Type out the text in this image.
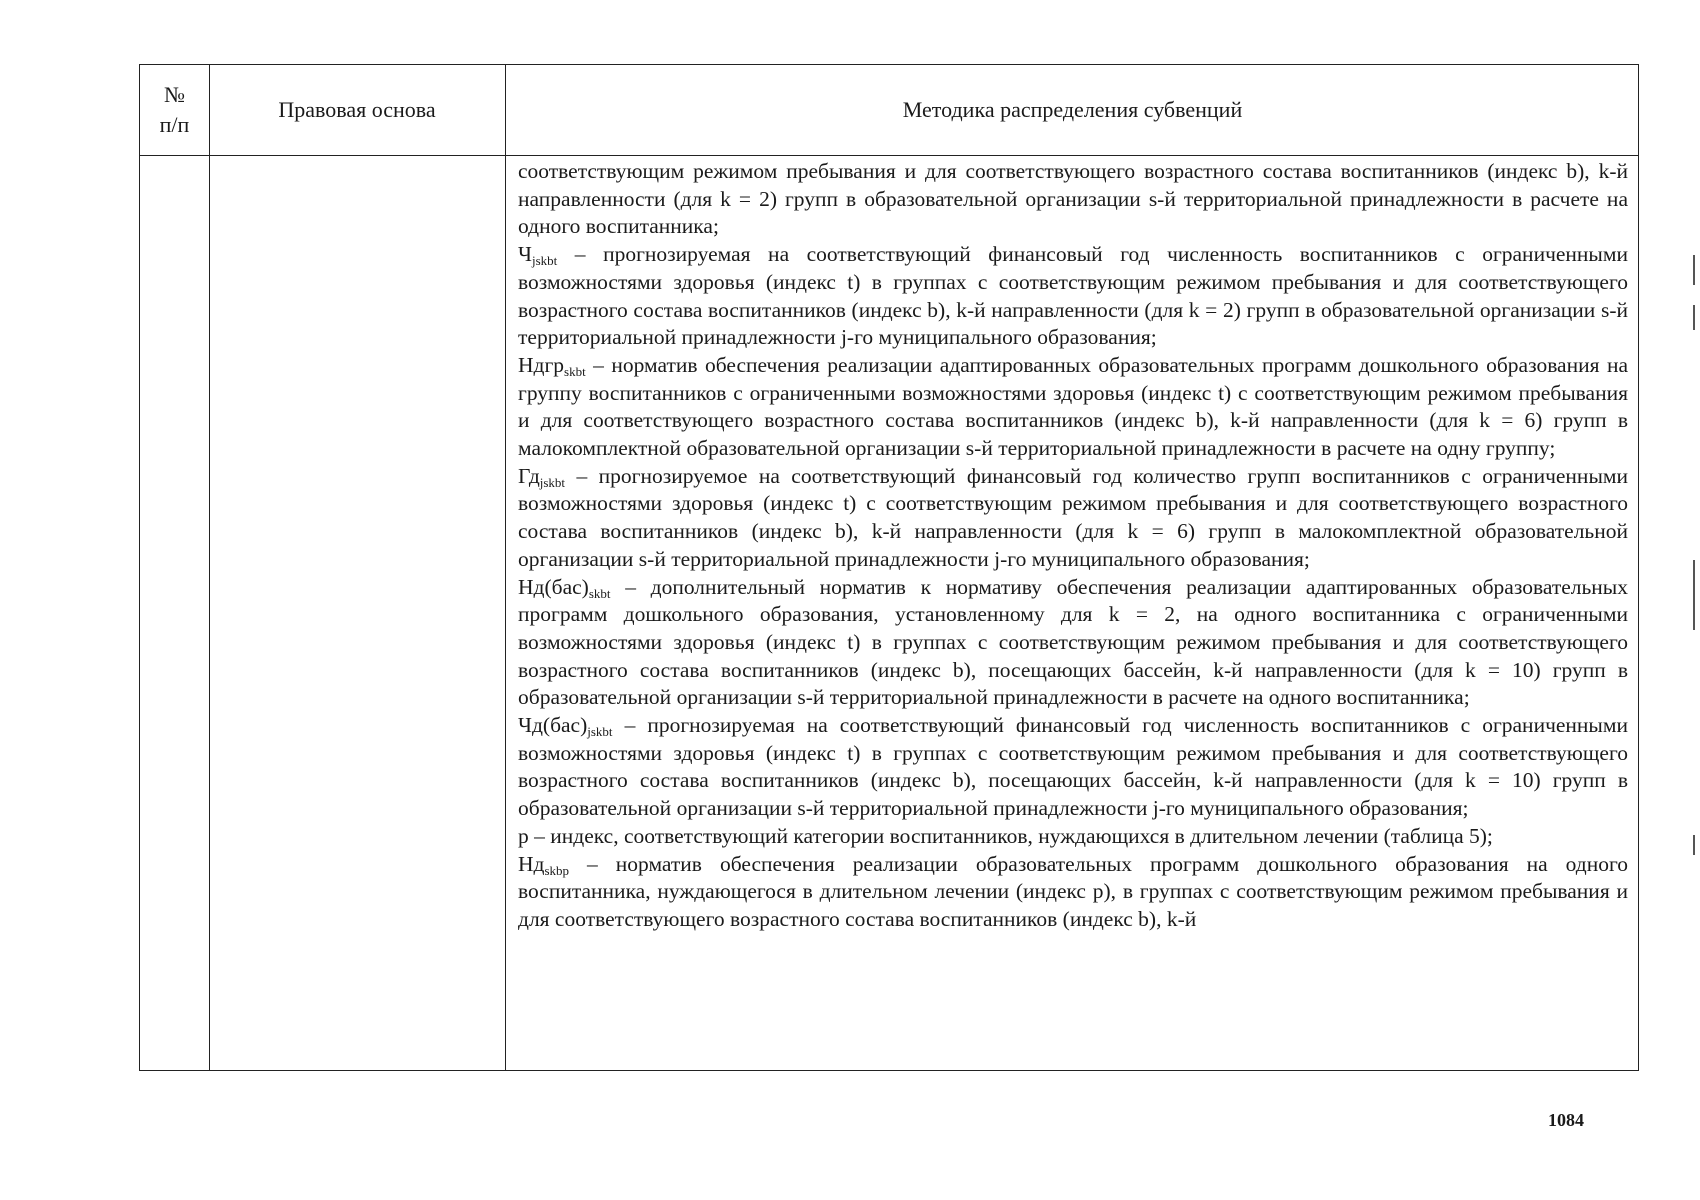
№
п/п
Правовая основа	Методика распределения субвенций

соответствующим режимом пребывания и для соответствующего возрастного состава воспитанников (индекс b), k-й направленности (для k = 2) групп в образовательной организации s-й территориальной принадлежности в расчете на одного воспитанника;

$Ч_{jskbt}$ – прогнозируемая на соответствующий финансовый год численность воспитанников с ограниченными возможностями здоровья (индекс t) в группах с соответствующим режимом пребывания и для соответствующего возрастного состава воспитанников (индекс b), k-й направленности (для k = 2) групп в образовательной организации s-й территориальной принадлежности j-го муниципального образования;

Ндгр$_{skbt}$ – норматив обеспечения реализации адаптированных образовательных программ дошкольного образования на группу воспитанников с ограниченными возможностями здоровья (индекс t) с соответствующим режимом пребывания и для соответствующего возрастного состава воспитанников (индекс b), k-й направленности (для k = 6) групп в малокомплектной образовательной организации s-й территориальной принадлежности в расчете на одну группу;

$Гд_{jskbt}$ – прогнозируемое на соответствующий финансовый год количество групп воспитанников с ограниченными возможностями здоровья (индекс t) с соответствующим режимом пребывания и для соответствующего возрастного состава воспитанников (индекс b), k-й направленности (для k = 6) групп в малокомплектной образовательной организации s-й территориальной принадлежности j-го муниципального образования;

$Нд(бас)_{skbt}$ – дополнительный норматив к нормативу обеспечения реализации адаптированных образовательных программ дошкольного образования, установленному для k = 2, на одного воспитанника с ограниченными возможностями здоровья (индекс t) в группах с соответствующим режимом пребывания и для соответствующего возрастного состава воспитанников (индекс b), посещающих бассейн, k-й направленности (для k = 10) групп в образовательной организации s-й территориальной принадлежности в расчете на одного воспитанника;

$Чд(бас)_{jskbt}$ – прогнозируемая на соответствующий финансовый год численность воспитанников с ограниченными возможностями здоровья (индекс t) в группах с соответствующим режимом пребывания и для соответствующего возрастного состава воспитанников (индекс b), посещающих бассейн, k-й направленности (для k = 10) групп в образовательной организации s-й территориальной принадлежности j-го муниципального образования;

p – индекс, соответствующий категории воспитанников, нуждающихся в длительном лечении (таблица 5);

$Нд_{skbp}$ – норматив обеспечения реализации образовательных программ дошкольного образования на одного воспитанника, нуждающегося в длительном лечении (индекс p), в группах с соответствующим режимом пребывания и для соответствующего возрастного состава воспитанников (индекс b), k-й

1084
